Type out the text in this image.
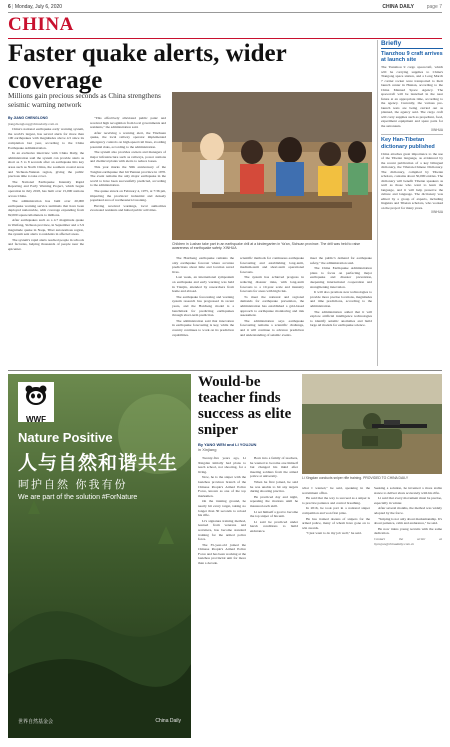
6 | Monday, July 6, 2020	CHINA DAILY	page 7
CHINA
Faster quake alerts, wider coverage
Millions gain precious seconds as China strengthens seismic warning network
Children in Lushan take part in an earthquake drill at a kindergarten in Ya'an, Sichuan province. The drill was held to raise awareness of earthquake safety. XINHUA

By JIANG CHENGLONG

jiangchenglong@chinadaily.com.cn

China's national earthquake early warning system, the world's largest, has served alerts for more than 100 earthquakes with magnitudes above 4.5 since its completion last year, according to the China Earthquake Administration.

In an exclusive interview with China Daily, the administration said the system can provide alerts as short as 3 to 8 seconds after an earthquake hits key areas such as North China, the southern coastal areas and Sichuan-Yunnan region, giving the public precious time to take cover.

The National Earthquake Intensity Rapid Reporting and Early Warning Project, which began operation in July 2018, has built over 15,000 stations across China.

The administration has built over 20,000 earthquake warning service terminals that have been deployed nationwide, with coverage expanding from 82,000 square kilometers to millions.

After earthquakes such as a 4.7 magnitude quake in Weifang, Sichuan province, in September and a 5.9 magnitude quake in Naqu, Tibet autonomous region, the system sent alerts to residents in affected areas.

The system's rapid alerts reached people in schools and factories, helping thousands of people near the epicenter.

"This effectively alleviated public panic and received high recognition from local governments and residents," the administration said.

After receiving a warning alert, the Yinchuan quake, the local railway operator implemented emergency controls on high-speed rail lines, avoiding potential risks, according to the administration.

The system also provides owners and managers of major infrastructure such as railways, power stations and chemical plants with alerts to reduce losses.

This year marks the 50th anniversary of the Tonghai earthquake that hit Yunnan province in 1970. The event remains the only major earthquake in the world to have been successfully predicted, according to the administration.

The quake struck on February 4, 1975, at 7:36 pm, impacting the provinces' industrial and densely populated area of northeastern Liaoning.

Having received warnings, local authorities evacuated residents and halted public activities.

The Haicheng earthquake remains the only earthquake forecast where accurate predictions about time and location saved lives.

Last week, an international symposium on earthquake and early warning was held in Tianjin, attended by researchers from home and abroad.

The earthquake forecasting and warning system research has progressed in recent years, and the Haicheng model is a benchmark for predicting earthquakes through short-term prediction.

The administration said that innovation in earthquake forecasting is key, while the country continues to work on its prediction capabilities.

scientific methods for continuous earthquake forecasting and establishing long-term, medium-term and short-term operational forecasts.

The system has achieved progress in reducing disaster risks, with long-term forecasts to a 10-year scale and intensity forecasts for areas with high risk.

To meet the national and regional demands for earthquake prevention, the administration has established a grid-based approach to earthquake monitoring and risk assessment.

The administration says earthquake forecasting remains a scientific challenge, and it will continue to advance prediction and understanding of seismic events.

meet the public's demand for earthquake safety," the administration said.

The China Earthquake Administration plans to focus on perfecting major earthquake and disaster prevention, deepening international cooperation and strengthening innovation.

It will also promote new technologies to provide more precise locations, magnitudes and time predictions, according to the administration.

The administration added that it will explore artificial intelligence technologies to identify seismic anomalies and build large AI models for earthquake science.

Briefly
Tianzhou 9 craft arrives at launch site
The Tianzhou 9 cargo spacecraft, which will be carrying supplies to China's Tiangong space station, and a Long March 7 carrier rocket were transported to their launch center in Hainan, according to the China Manned Space Agency. The spacecraft will be launched in the near future at an appropriate time, according to the agency. Currently, the various pre-launch tests are being carried out as planned, the agency said. The cargo craft will carry supplies such as propellant, food, experiment equipment and spare parts for the astronauts.
XINHUA
Key Han-Tibetan dictionary published
China attaches great importance to the use of the Tibetan language, as evidenced by the recent publication of a key bilingual dictionary, the Tibetan-Chinese Dictionary. The dictionary, compiled by Tibetan scholars, contains about 50,000 entries. The dictionary will benefit Tibetan speakers as well as those who want to learn the language, and it will help preserve the culture and language. The dictionary was edited by a group of experts, including linguists and Tibetan scholars, who worked on the project for many years.
XINHUA
WWF
Nature Positive
人与自然和谐共生
呵护自然 你我有份
We are part of the solution #ForNature
世界自然基金会	China Daily
Would-be teacher finds success as elite sniper
Li Xingdan conducts sniper rifle training. PROVIDED TO CHINA DAILY
By YANG WEN and LI YOUJUN
in Xinjiang

Twenty-five years ago, Li Xingdan initially had plans to teach school, not shooting, for a living.

Now, he is the sniper with the Guizhou province branch of the Chinese People's Armed Police Force, known as one of the top marksmen.

On the training ground, he nearly hit every target, taking no longer than 30 seconds to reload his rifle.

Li's signature training method, learned from veterans and recruiters, has become standard training for the armed police force.

The 35-year-old joined the Chinese People's Armed Police Force and has been working at the Guizhou provincial unit for more than a decade.

Born into a family of teachers, he wanted to become one himself but changed his mind after meeting soldiers from the armed police at university.

When he first joined, he said he was unable to hit any targets during shooting practice.

He practiced day and night, repeating the motions until he mastered each skill.

Li set himself a goal to become the top sniper of his unit.

Li said he practiced under harsh conditions to build endurance.

what I wanted," he said, speaking in the recruitment office.

He said that the way to succeed as a sniper is to practice patience and control breathing.

In 2016, he took part in a national sniper competition and won first prize.

He has trained dozens of snipers for the armed police, many of whom have gone on to win awards.

"I just want to do my job well," he said.

Seeking a solution, he invented a more stable stance to deliver shots accurately with his rifle.

Li said that every movement must be precise, especially in winter.

After several months, the method was widely adopted by the force.

"Sniping is not only about marksmanship. It's about patience, calm and endurance," he said.

He now trains young recruits with the same dedication.

Contact the writer at liyoujun@chinadaily.com.cn
